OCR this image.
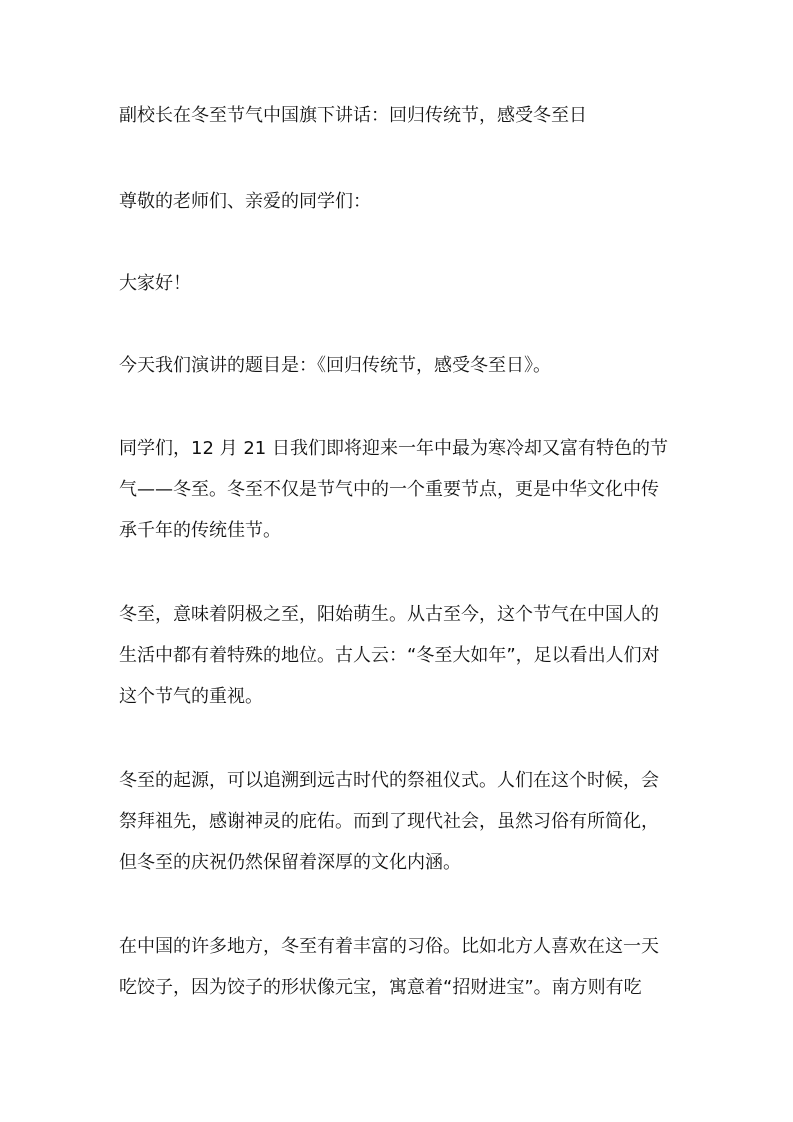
副校长在冬至节气中国旗下讲话：回归传统节，感受冬至日
尊敬的老师们、亲爱的同学们：
大家好！
今天我们演讲的题目是：《回归传统节，感受冬至日》。
同学们，12 月 21 日我们即将迎来一年中最为寒冷却又富有特色的节
气——冬至。冬至不仅是节气中的一个重要节点，更是中华文化中传
承千年的传统佳节。
冬至，意味着阴极之至，阳始萌生。从古至今，这个节气在中国人的
生活中都有着特殊的地位。古人云：“冬至大如年”，足以看出人们对
这个节气的重视。
冬至的起源，可以追溯到远古时代的祭祖仪式。人们在这个时候，会
祭拜祖先，感谢神灵的庇佑。而到了现代社会，虽然习俗有所简化，
但冬至的庆祝仍然保留着深厚的文化内涵。
在中国的许多地方，冬至有着丰富的习俗。比如北方人喜欢在这一天
吃饺子，因为饺子的形状像元宝，寓意着“招财进宝”。南方则有吃
